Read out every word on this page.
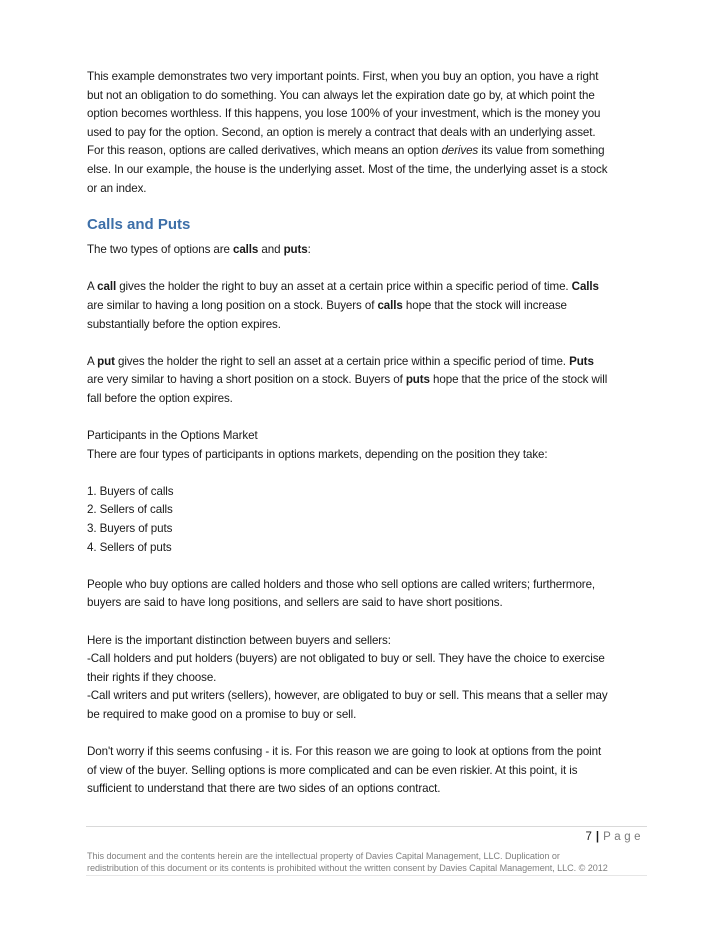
This example demonstrates two very important points. First, when you buy an option, you have a right
but not an obligation to do something. You can always let the expiration date go by, at which point the
option becomes worthless. If this happens, you lose 100% of your investment, which is the money you
used to pay for the option. Second, an option is merely a contract that deals with an underlying asset.
For this reason, options are called derivatives, which means an option derives its value from something
else. In our example, the house is the underlying asset. Most of the time, the underlying asset is a stock
or an index.

Calls and Puts

The two types of options are calls and puts:

A call gives the holder the right to buy an asset at a certain price within a specific period of time. Calls
are similar to having a long position on a stock. Buyers of calls hope that the stock will increase
substantially before the option expires.

A put gives the holder the right to sell an asset at a certain price within a specific period of time. Puts
are very similar to having a short position on a stock. Buyers of puts hope that the price of the stock will
fall before the option expires.

Participants in the Options Market
There are four types of participants in options markets, depending on the position they take:

1. Buyers of calls
2. Sellers of calls
3. Buyers of puts
4. Sellers of puts

People who buy options are called holders and those who sell options are called writers; furthermore,
buyers are said to have long positions, and sellers are said to have short positions.

Here is the important distinction between buyers and sellers:
-Call holders and put holders (buyers) are not obligated to buy or sell. They have the choice to exercise
their rights if they choose.
-Call writers and put writers (sellers), however, are obligated to buy or sell. This means that a seller may
be required to make good on a promise to buy or sell.

Don't worry if this seems confusing - it is. For this reason we are going to look at options from the point
of view of the buyer. Selling options is more complicated and can be even riskier. At this point, it is
sufficient to understand that there are two sides of an options contract.

7 | Page
This document and the contents herein are the intellectual property of Davies Capital Management, LLC. Duplication or
redistribution of this document or its contents is prohibited without the written consent by Davies Capital Management, LLC. © 2012
